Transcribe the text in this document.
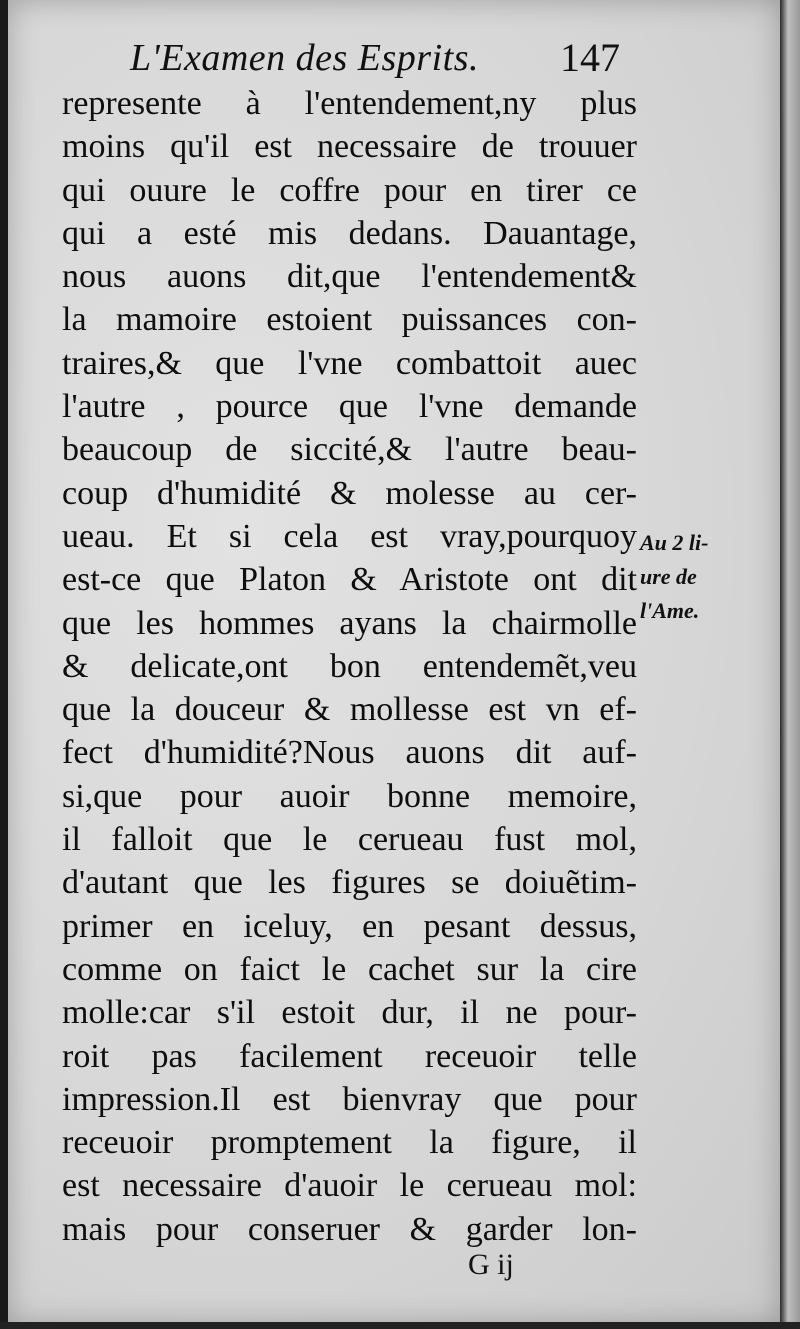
L'Examen des Esprits. 147
represente à l'entendement,ny plus
moins qu'il est necessaire de trouuer
qui ouure le coffre pour en tirer ce
qui a esté mis dedans. Dauantage,
nous auons dit,que l'entendement&
la mamoire estoient puissances con-
traires,& que l'vne combattoit auec
l'autre , pource que l'vne demande
beaucoup de siccité,& l'autre beau-
coup d'humidité & molesse au cer-
ueau. Et si cela est vray,pourquoy
est-ce que Platon & Aristote ont dit
que les hommes ayans la chairmolle
& delicate,ont bon entendemẽt,veu
que la douceur & mollesse est vn ef-
fect d'humidité?Nous auons dit auf-
si,que pour auoir bonne memoire,
il falloit que le cerueau fust mol,
d'autant que les figures se doiuẽtim-
primer en iceluy, en pesant dessus,
comme on faict le cachet sur la cire
molle:car s'il estoit dur, il ne pour-
roit pas facilement receuoir telle
impression.Il est bienvray que pour
receuoir promptement la figure, il
est necessaire d'auoir le cerueau mol:
mais pour conseruer & garder lon-
Au 2 li-
ure de
l'Ame.
G ij
